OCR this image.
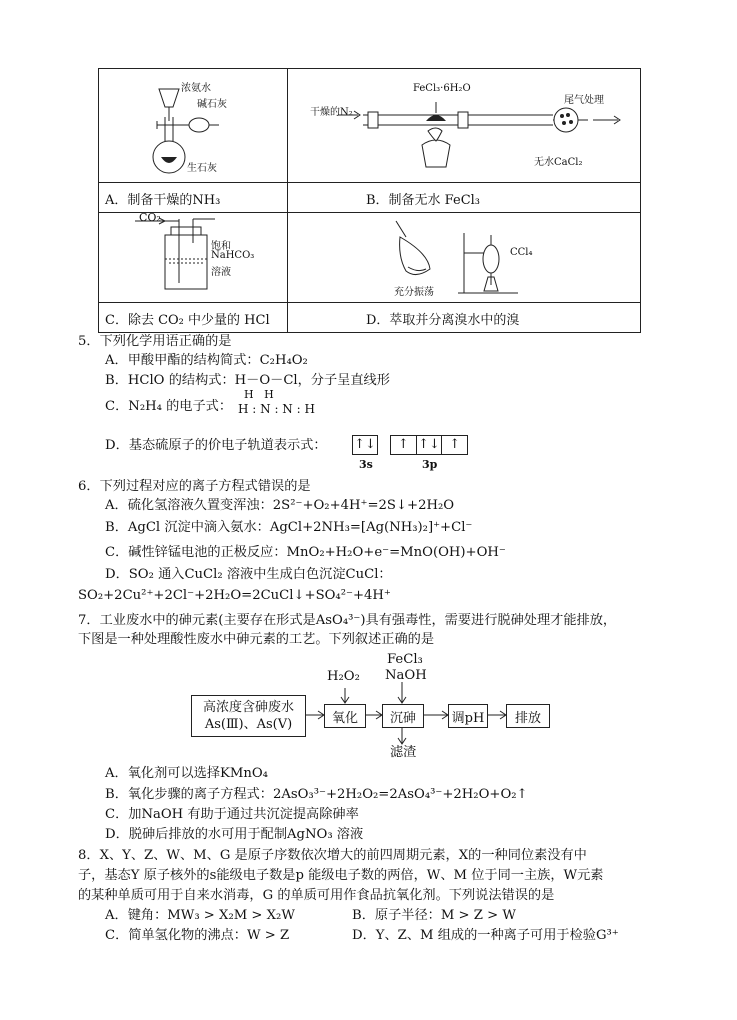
浓氨水
碱石灰
生石灰
FeCl₃·6H₂O
干燥的N₂
尾气处理
无水CaCl₂
A．制备干燥的NH₃	B．制备无水 FeCl₃
CO₂
饱和
NaHCO₃
溶液
CCl₄
充分振荡
C．除去 CO₂ 中少量的 HCl	D．萃取并分离溴水中的溴
5．下列化学用语正确的是
A．甲酸甲酯的结构简式：C₂H₄O₂
B．HClO 的结构式：H－O－Cl，分子呈直线形
C．N₂H₄ 的电子式：
H   H
H : N : N : H
D．基态硫原子的价电子轨道表示式： ↑↓	↑ ↑↓ ↑
3s	3p
6．下列过程对应的离子方程式错误的是
A．硫化氢溶液久置变浑浊：2S²⁻+O₂+4H⁺=2S↓+2H₂O
B．AgCl 沉淀中滴入氨水：AgCl+2NH₃=[Ag(NH₃)₂]⁺+Cl⁻
C．碱性锌锰电池的正极反应：MnO₂+H₂O+e⁻=MnO(OH)+OH⁻
D．SO₂ 通入CuCl₂ 溶液中生成白色沉淀CuCl：
SO₂+2Cu²⁺+2Cl⁻+2H₂O=2CuCl↓+SO₄²⁻+4H⁺
7．工业废水中的砷元素(主要存在形式是AsO₄³⁻)具有强毒性，需要进行脱砷处理才能排放，
下图是一种处理酸性废水中砷元素的工艺。下列叙述正确的是
高浓度含砷废水
As(Ⅲ)、As(Ⅴ)	氧化	沉砷	调pH	排放
H₂O₂
FeCl₃
NaOH
滤渣
A．氧化剂可以选择KMnO₄
B．氧化步骤的离子方程式：2AsO₃³⁻+2H₂O₂=2AsO₄³⁻+2H₂O+O₂↑
C．加NaOH 有助于通过共沉淀提高除砷率
D．脱砷后排放的水可用于配制AgNO₃ 溶液
8．X、Y、Z、W、M、G 是原子序数依次增大的前四周期元素，X的一种同位素没有中
子，基态Y 原子核外的s能级电子数是p 能级电子数的两倍，W、M 位于同一主族，W元素
的某种单质可用于自来水消毒，G 的单质可用作食品抗氧化剂。下列说法错误的是
A．键角：MW₃ > X₂M > X₂W	B．原子半径：M > Z > W
C．简单氢化物的沸点：W > Z	D．Y、Z、M 组成的一种离子可用于检验G³⁺
